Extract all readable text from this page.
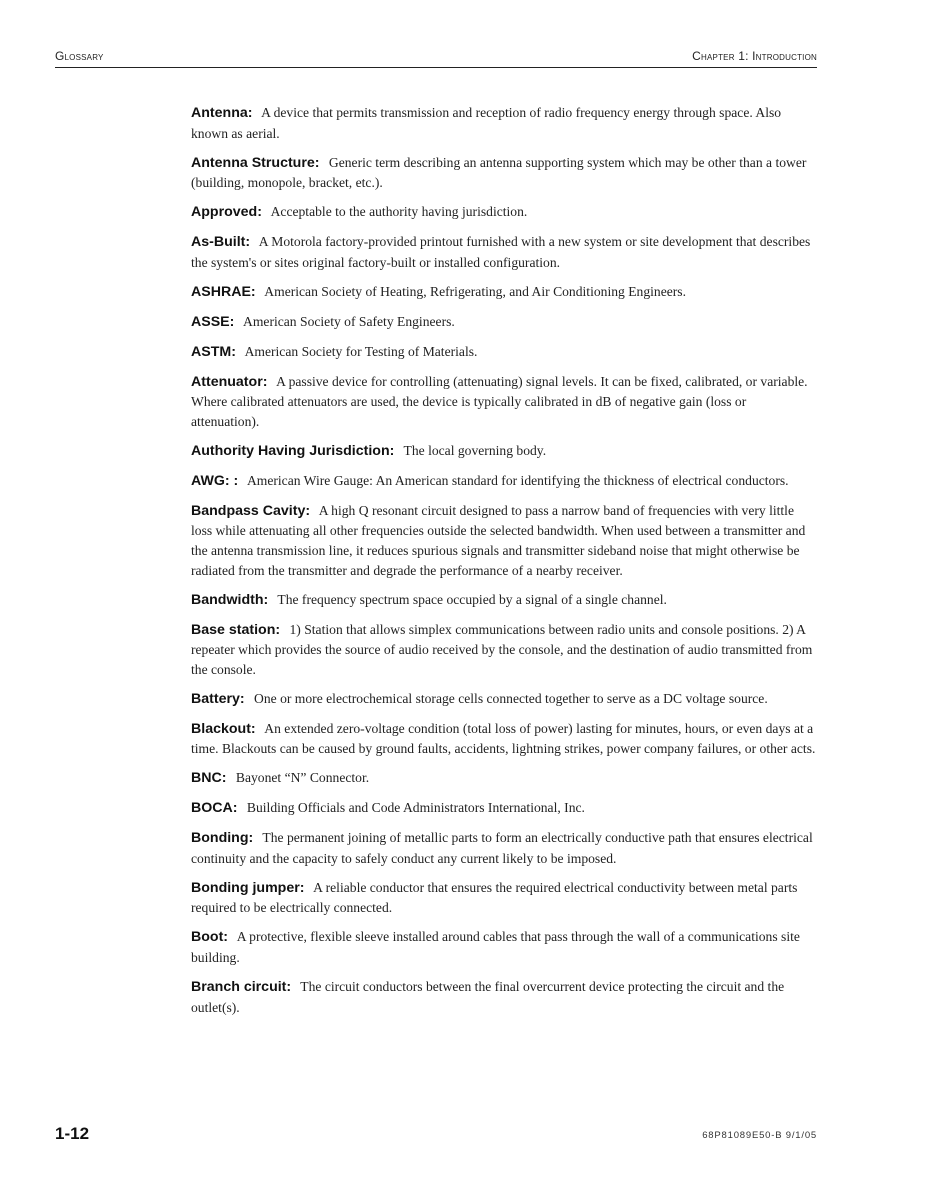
Glossary	Chapter 1: Introduction

Antenna: A device that permits transmission and reception of radio frequency energy through space. Also known as aerial.

Antenna Structure: Generic term describing an antenna supporting system which may be other than a tower (building, monopole, bracket, etc.).

Approved: Acceptable to the authority having jurisdiction.

As-Built: A Motorola factory-provided printout furnished with a new system or site development that describes the system's or sites original factory-built or installed configuration.

ASHRAE: American Society of Heating, Refrigerating, and Air Conditioning Engineers.

ASSE: American Society of Safety Engineers.

ASTM: American Society for Testing of Materials.

Attenuator: A passive device for controlling (attenuating) signal levels. It can be fixed, calibrated, or variable. Where calibrated attenuators are used, the device is typically calibrated in dB of negative gain (loss or attenuation).

Authority Having Jurisdiction: The local governing body.

AWG: : American Wire Gauge: An American standard for identifying the thickness of electrical conductors.

Bandpass Cavity: A high Q resonant circuit designed to pass a narrow band of frequencies with very little loss while attenuating all other frequencies outside the selected bandwidth. When used between a transmitter and the antenna transmission line, it reduces spurious signals and transmitter sideband noise that might otherwise be radiated from the transmitter and degrade the performance of a nearby receiver.

Bandwidth: The frequency spectrum space occupied by a signal of a single channel.

Base station: 1) Station that allows simplex communications between radio units and console positions. 2) A repeater which provides the source of audio received by the console, and the destination of audio transmitted from the console.

Battery: One or more electrochemical storage cells connected together to serve as a DC voltage source.

Blackout: An extended zero-voltage condition (total loss of power) lasting for minutes, hours, or even days at a time. Blackouts can be caused by ground faults, accidents, lightning strikes, power company failures, or other acts.

BNC: Bayonet “N” Connector.

BOCA: Building Officials and Code Administrators International, Inc.

Bonding: The permanent joining of metallic parts to form an electrically conductive path that ensures electrical continuity and the capacity to safely conduct any current likely to be imposed.

Bonding jumper: A reliable conductor that ensures the required electrical conductivity between metal parts required to be electrically connected.

Boot: A protective, flexible sleeve installed around cables that pass through the wall of a communications site building.

Branch circuit: The circuit conductors between the final overcurrent device protecting the circuit and the outlet(s).

1-12	68P81089E50-B 9/1/05
